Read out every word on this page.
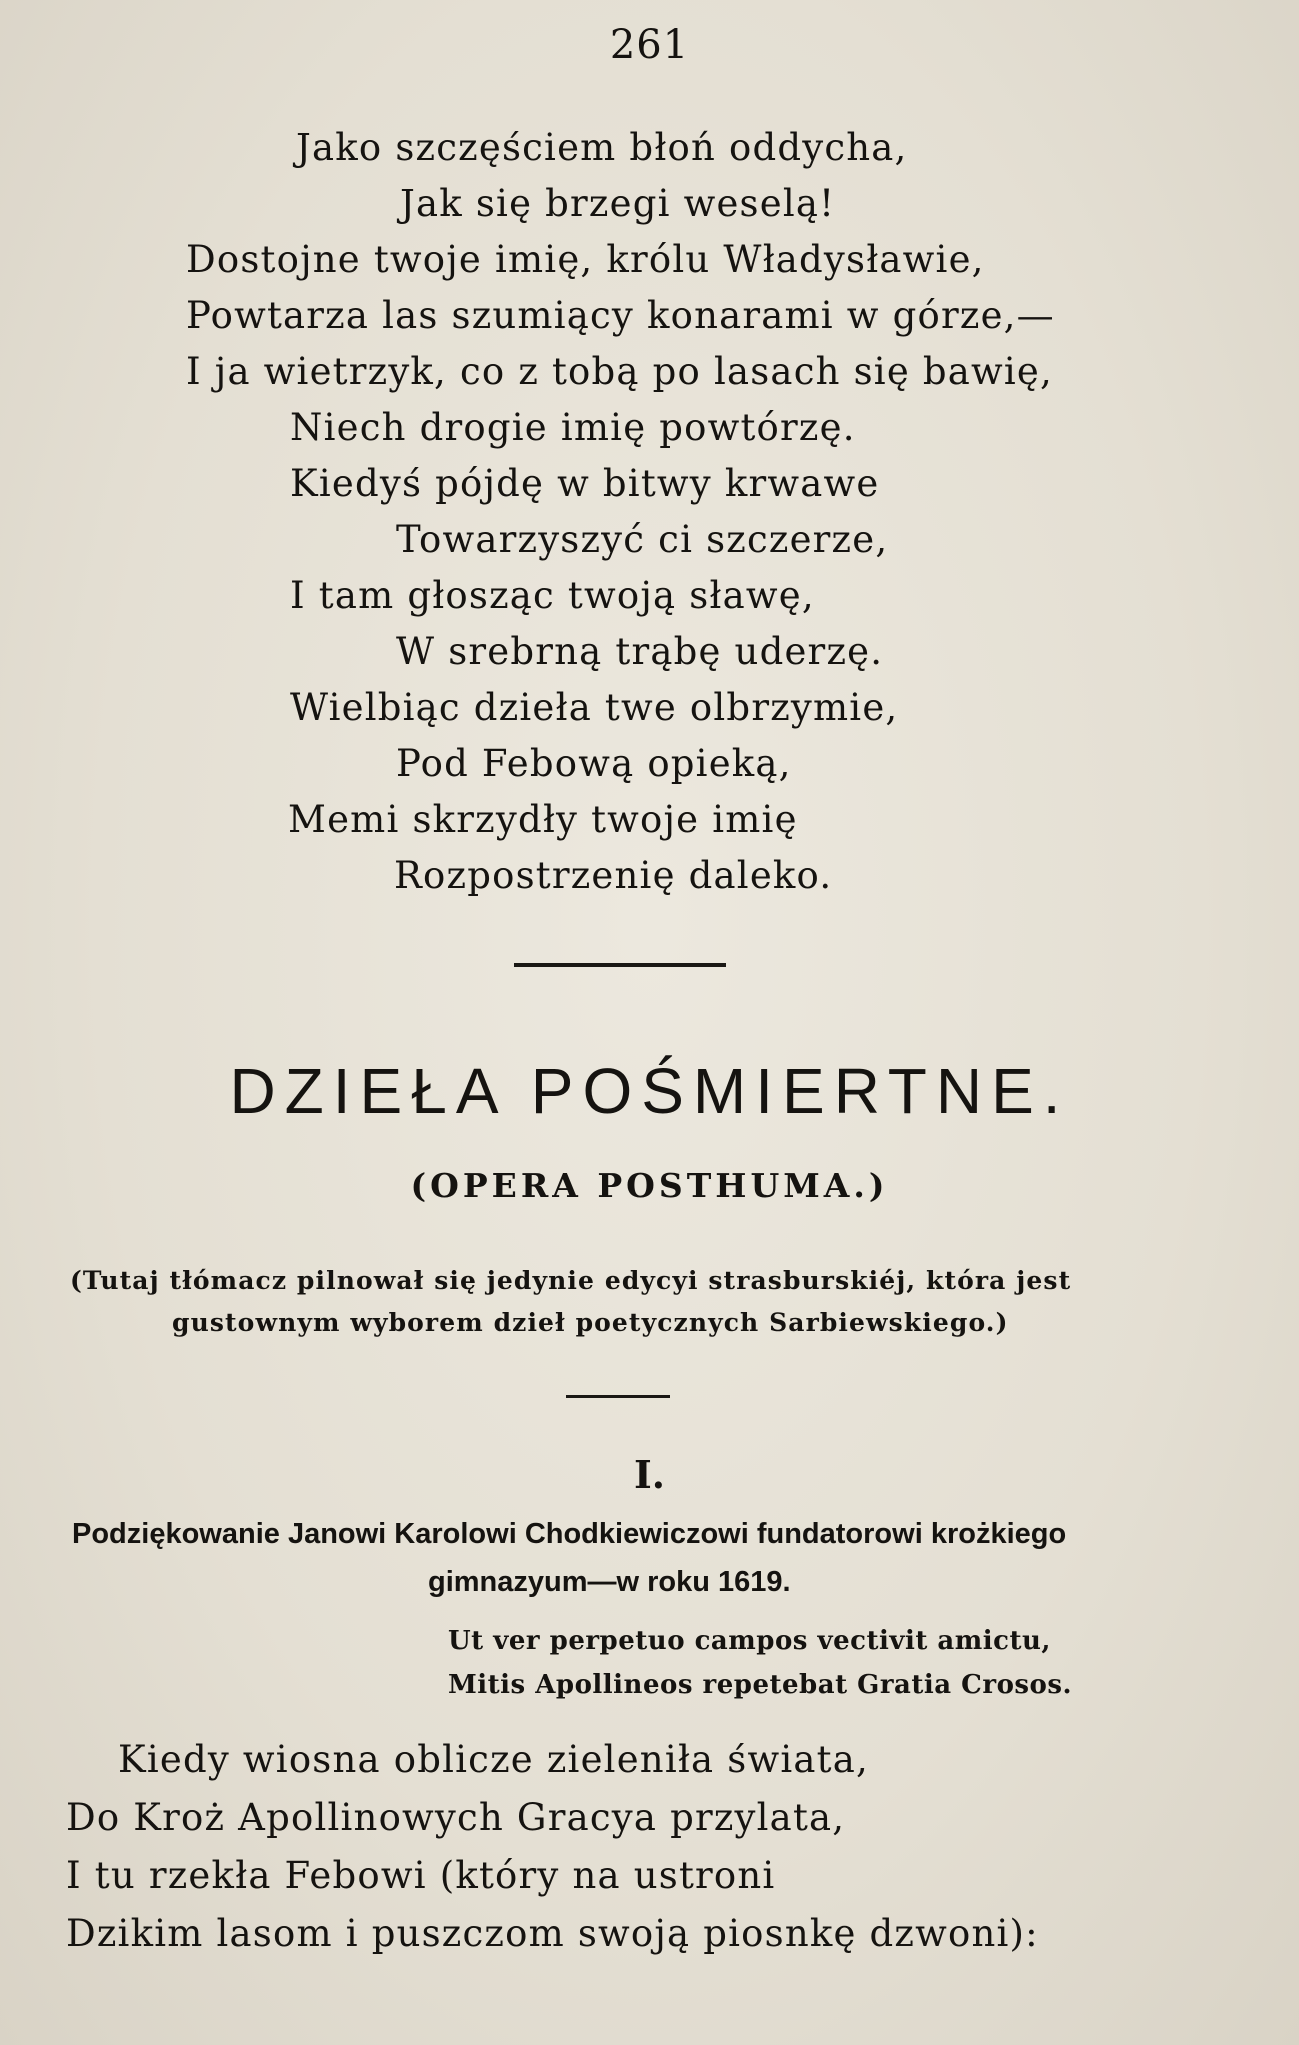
261
Jako szczęściem błoń oddycha,
Jak się brzegi weselą!
Dostojne twoje imię, królu Władysławie,
Powtarza las szumiący konarami w górze,—
I ja wietrzyk, co z tobą po lasach się bawię,
Niech drogie imię powtórzę.
Kiedyś pójdę w bitwy krwawe
Towarzyszyć ci szczerze,
I tam głosząc twoją sławę,
W srebrną trąbę uderzę.
Wielbiąc dzieła twe olbrzymie,
Pod Febową opieką,
Memi skrzydły twoje imię
Rozpostrzenię daleko.
DZIEŁA POŚMIERTNE.
(OPERA POSTHUMA.)
(Tutaj tłómacz pilnował się jedynie edycyi strasburskiéj, która jest
gustownym wyborem dzieł poetycznych Sarbiewskiego.)
I.
Podziękowanie Janowi Karolowi Chodkiewiczowi fundatorowi krożkiego
gimnazyum—w roku 1619.
Ut ver perpetuo campos vectivit amictu,
Mitis Apollineos repetebat Gratia Crosos.
Kiedy wiosna oblicze zieleniła świata,
Do Kroż Apollinowych Gracya przylata,
I tu rzekła Febowi (który na ustroni
Dzikim lasom i puszczom swoją piosnkę dzwoni):
